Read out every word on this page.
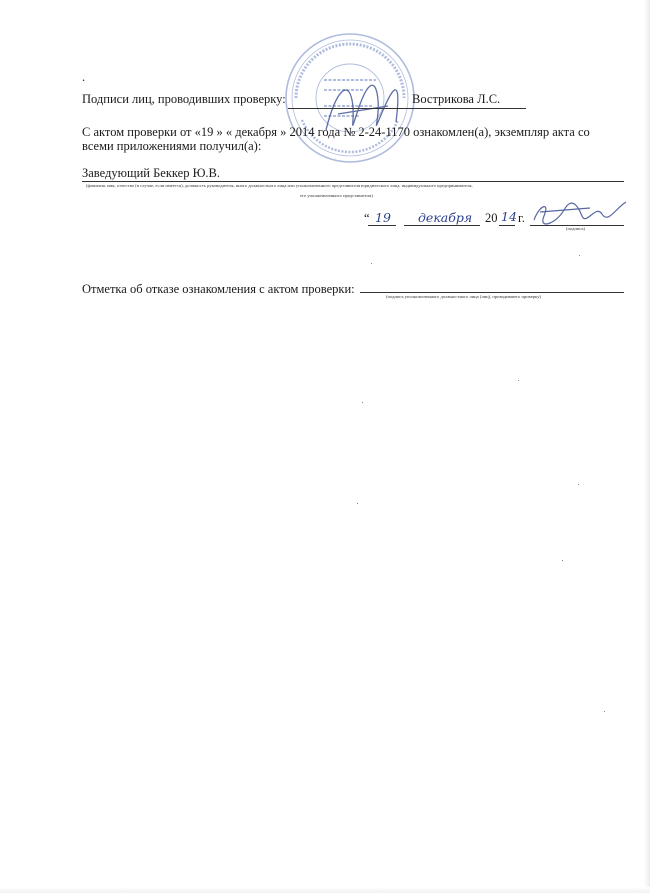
.
Подписи лиц, проводивших проверку:	Вострикова Л.С.
С актом проверки от «19 » « декабря » 2014 года № 2-24-1170 ознакомлен(а), экземпляр акта со
всеми приложениями получил(а):
Заведующий Беккер Ю.В.
(фамилия, имя, отчество (в случае, если имеется), должность руководителя, иного должностного лица или уполномоченного представителя юридического лица, индивидуального предпринимателя,
его уполномоченного представителя)
“ 19 декабря 20 14 г.
(подпись)
Отметка об отказе ознакомления с актом проверки:
(подпись уполномоченного должностного лица (лиц), проводившего проверку)
